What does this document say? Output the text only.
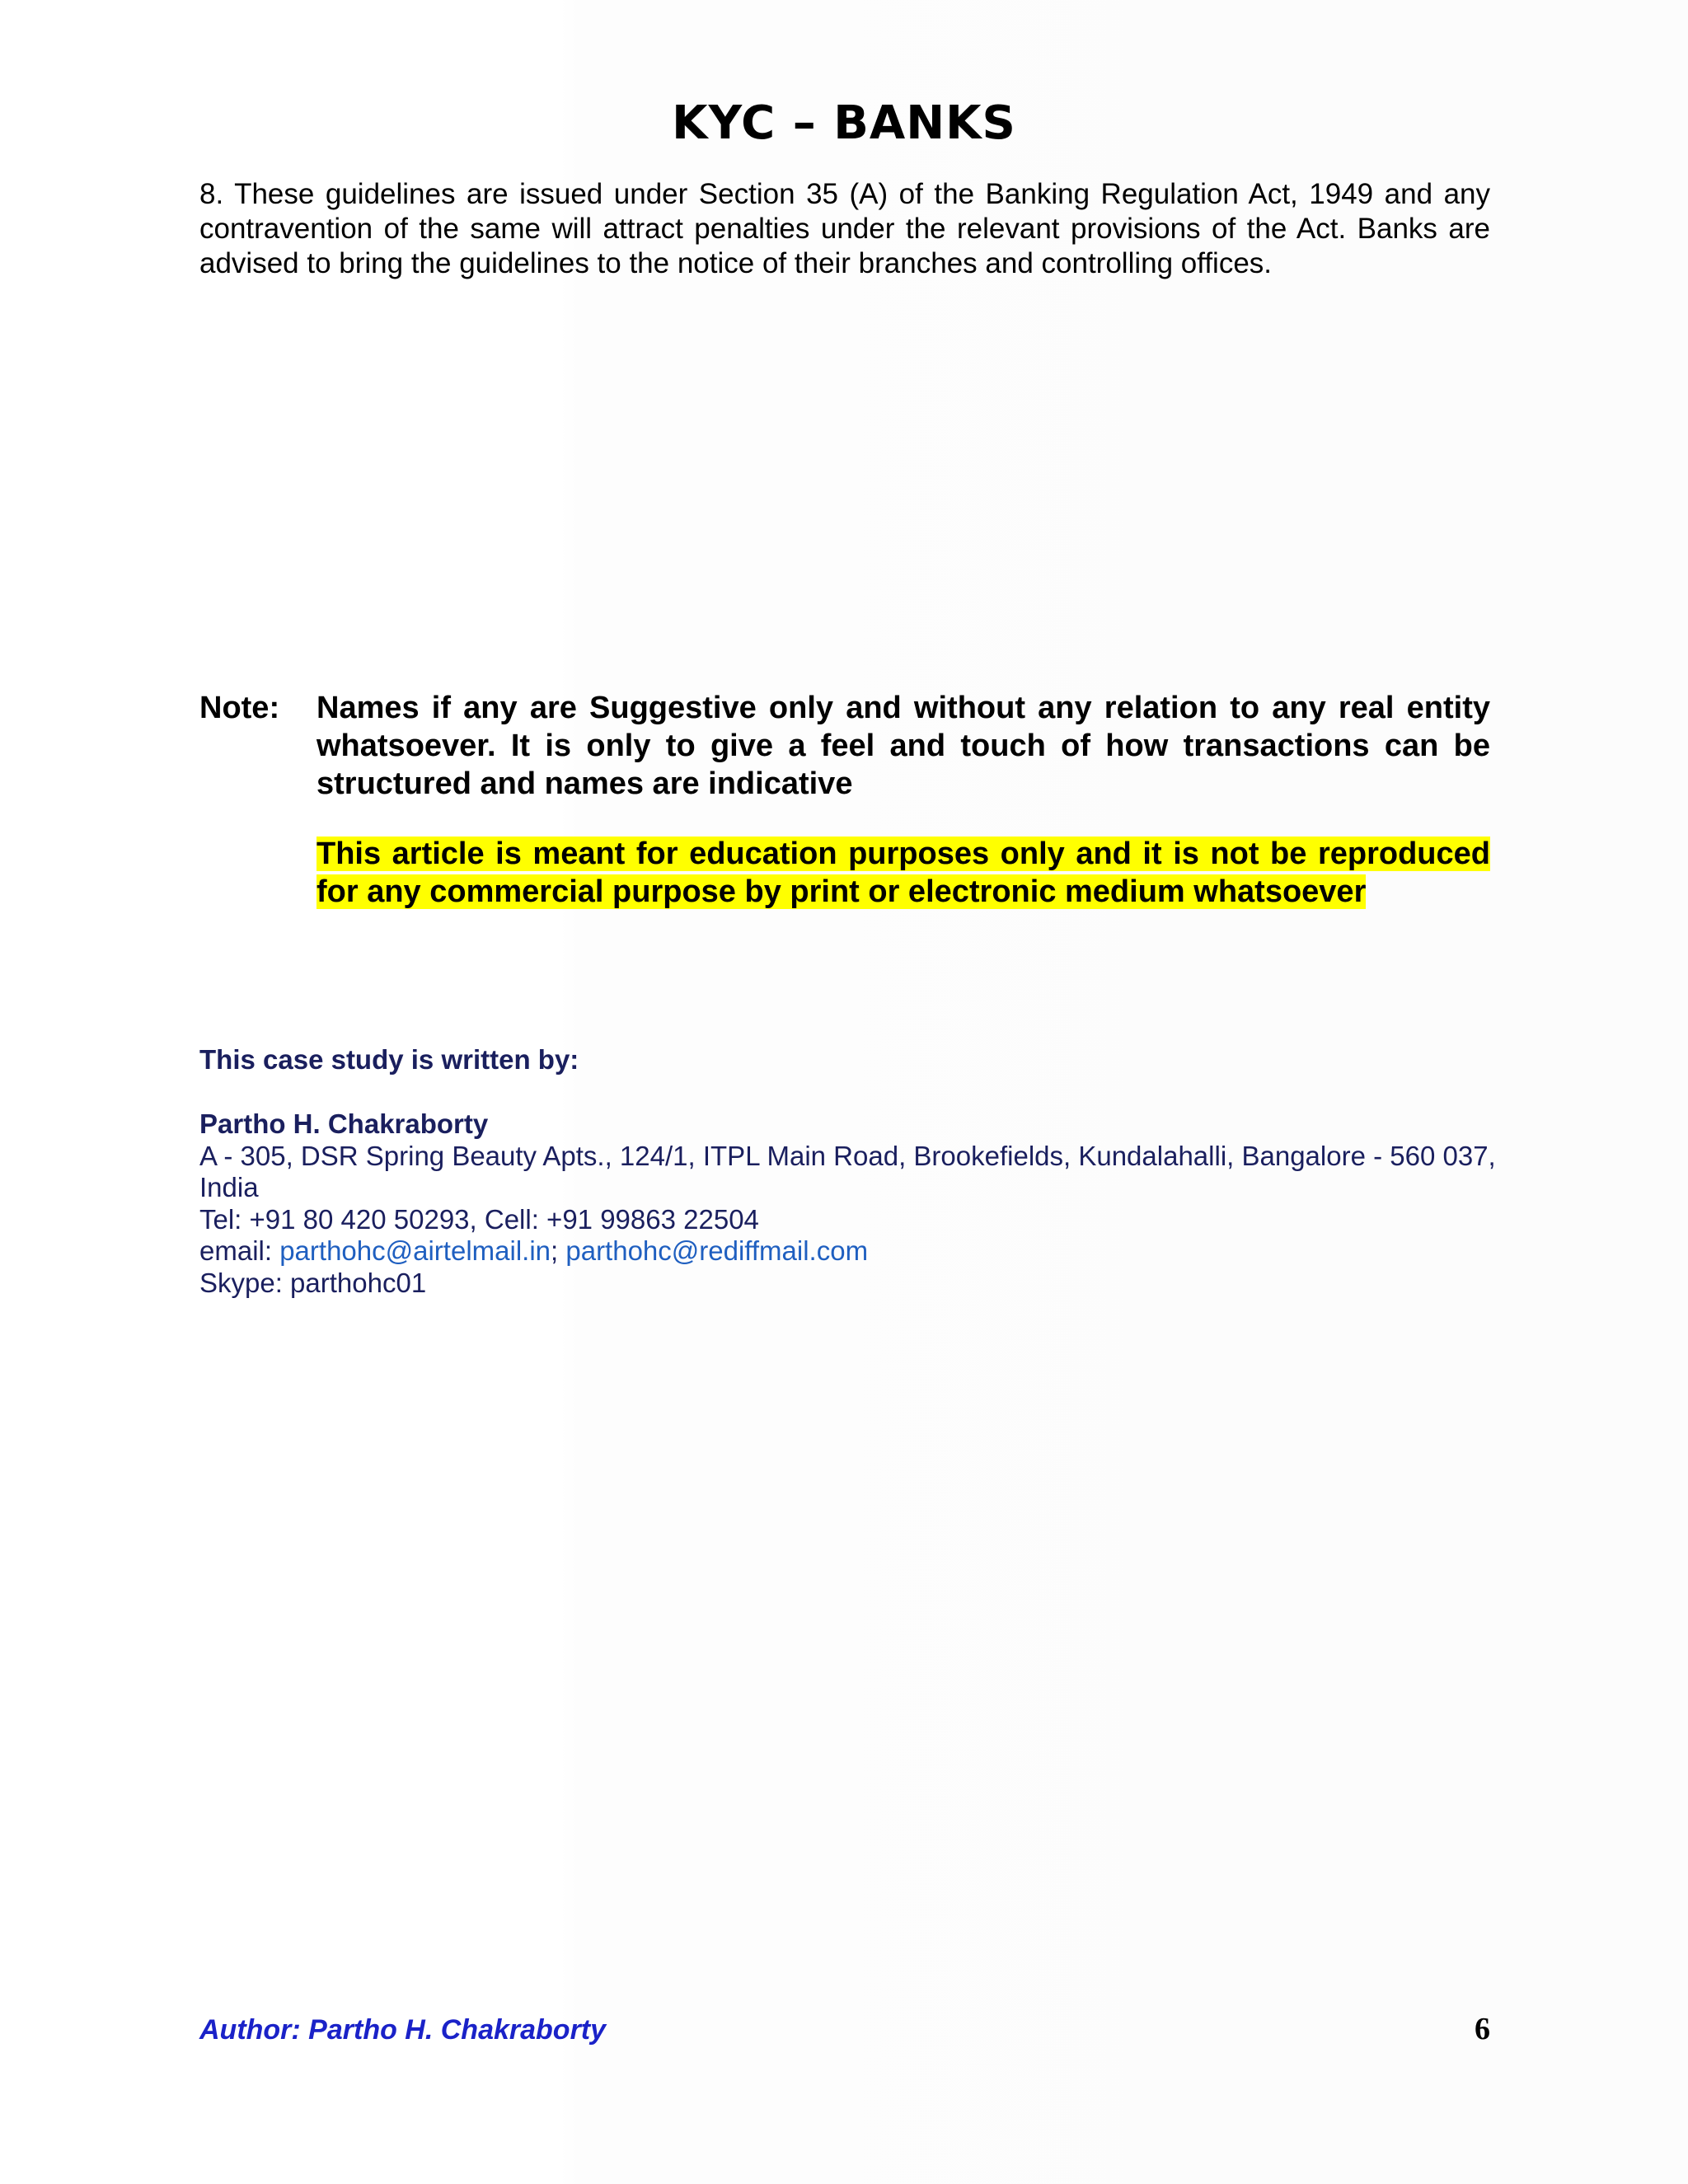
KYC – BANKS
8. These guidelines are issued under Section 35 (A) of the Banking Regulation Act, 1949 and any contravention of the same will attract penalties under the relevant provisions of the Act. Banks are advised to bring the guidelines to the notice of their branches and controlling offices.
Note: Names if any are Suggestive only and without any relation to any real entity whatsoever. It is only to give a feel and touch of how transactions can be structured and names are indicative
This article is meant for education purposes only and it is not be reproduced for any commercial purpose by print or electronic medium whatsoever
This case study is written by:
Partho H. Chakraborty
A - 305, DSR Spring Beauty Apts., 124/1, ITPL Main Road, Brookefields, Kundalahalli, Bangalore - 560 037, India
Tel: +91 80 420 50293, Cell: +91 99863 22504
email: parthohc@airtelmail.in; parthohc@rediffmail.com
Skype: parthohc01
Author: Partho H. Chakraborty	6
